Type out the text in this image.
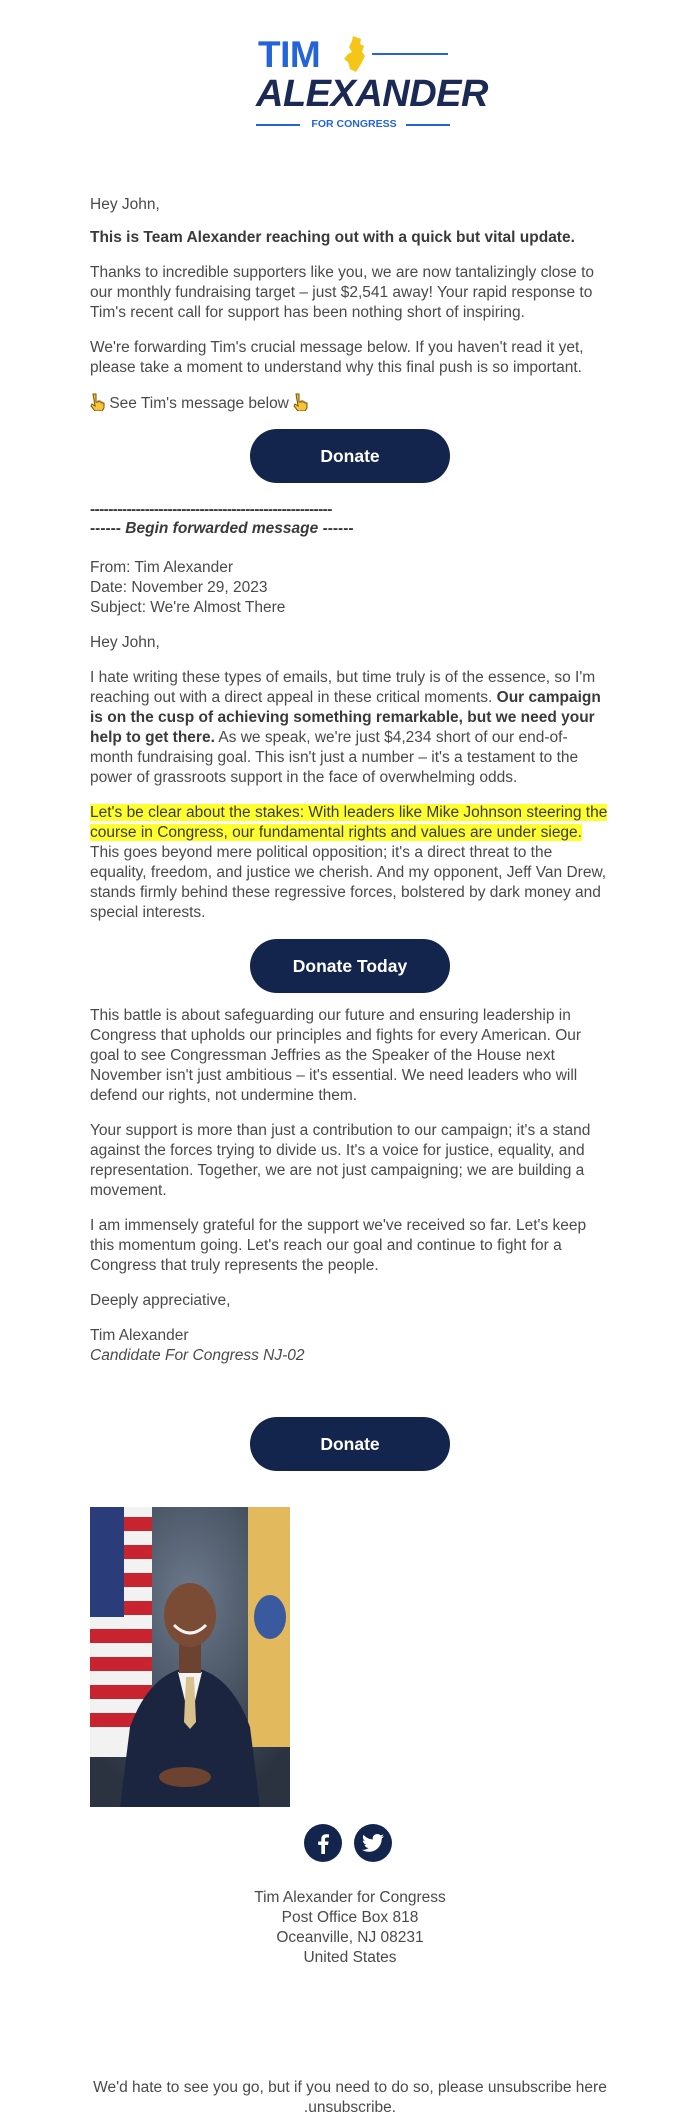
TIM
ALEXANDER
FOR CONGRESS

Hey John,

This is Team Alexander reaching out with a quick but vital update.

Thanks to incredible supporters like you, we are now tantalizingly close to our monthly fundraising target – just $2,541 away! Your rapid response to Tim's recent call for support has been nothing short of inspiring.

We're forwarding Tim's crucial message below. If you haven't read it yet, please take a moment to understand why this final push is so important.

See Tim's message below
Donate
-----------------------------------------------------
------ Begin forwarded message ------

From: Tim Alexander

Date: November 29, 2023

Subject: We're Almost There

Hey John,

I hate writing these types of emails, but time truly is of the essence, so I'm reaching out with a direct appeal in these critical moments. Our campaign is on the cusp of achieving something remarkable, but we need your help to get there. As we speak, we're just $4,234 short of our end-of-month fundraising goal. This isn't just a number – it's a testament to the power of grassroots support in the face of overwhelming odds.

Let's be clear about the stakes: With leaders like Mike Johnson steering the course in Congress, our fundamental rights and values are under siege. This goes beyond mere political opposition; it's a direct threat to the equality, freedom, and justice we cherish. And my opponent, Jeff Van Drew, stands firmly behind these regressive forces, bolstered by dark money and special interests.

Donate Today

This battle is about safeguarding our future and ensuring leadership in Congress that upholds our principles and fights for every American. Our goal to see Congressman Jeffries as the Speaker of the House next November isn't just ambitious – it's essential. We need leaders who will defend our rights, not undermine them.

Your support is more than just a contribution to our campaign; it's a stand against the forces trying to divide us. It's a voice for justice, equality, and representation. Together, we are not just campaigning; we are building a movement.

I am immensely grateful for the support we've received so far. Let's keep this momentum going. Let's reach our goal and continue to fight for a Congress that truly represents the people.

Deeply appreciative,

Tim Alexander

Candidate For Congress NJ-02

Donate

Tim Alexander for Congress

Post Office Box 818

Oceanville, NJ 08231

United States

We'd hate to see you go, but if you need to do so, please unsubscribe here

.unsubscribe.
